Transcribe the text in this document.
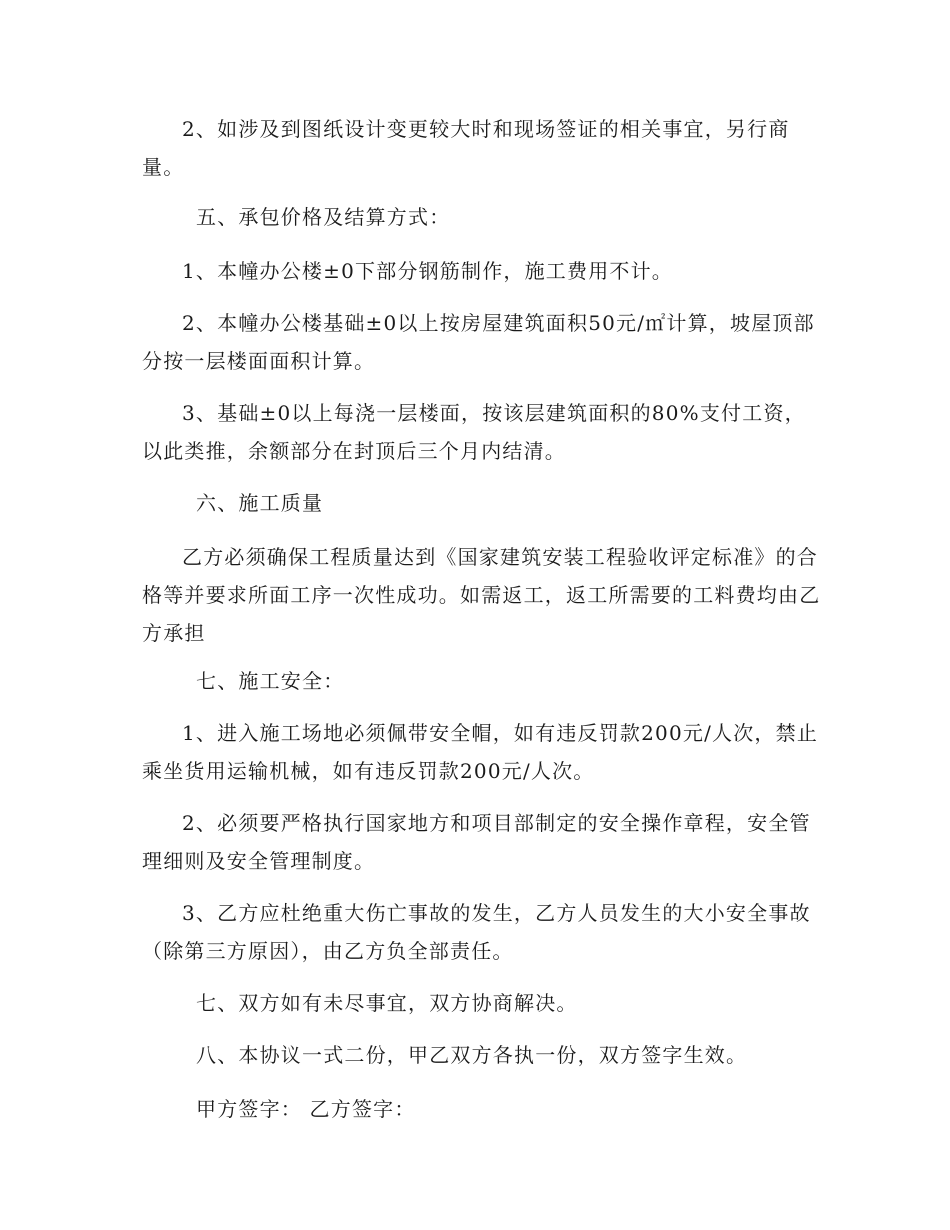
2、如涉及到图纸设计变更较大时和现场签证的相关事宜，另行商量。

五、承包价格及结算方式：

1、本幢办公楼±0下部分钢筋制作，施工费用不计。

2、本幢办公楼基础±0以上按房屋建筑面积50元/㎡计算，坡屋顶部分按一层楼面面积计算。

3、基础±0以上每浇一层楼面，按该层建筑面积的80%支付工资，以此类推，余额部分在封顶后三个月内结清。

六、施工质量

乙方必须确保工程质量达到《国家建筑安装工程验收评定标准》的合格等并要求所面工序一次性成功。如需返工，返工所需要的工料费均由乙方承担

七、施工安全：

1、进入施工场地必须佩带安全帽，如有违反罚款200元/人次，禁止乘坐货用运输机械，如有违反罚款200元/人次。

2、必须要严格执行国家地方和项目部制定的安全操作章程，安全管理细则及安全管理制度。

3、乙方应杜绝重大伤亡事故的发生，乙方人员发生的大小安全事故（除第三方原因），由乙方负全部责任。

七、双方如有未尽事宜，双方协商解决。

八、本协议一式二份，甲乙双方各执一份，双方签字生效。

甲方签字： 乙方签字：
